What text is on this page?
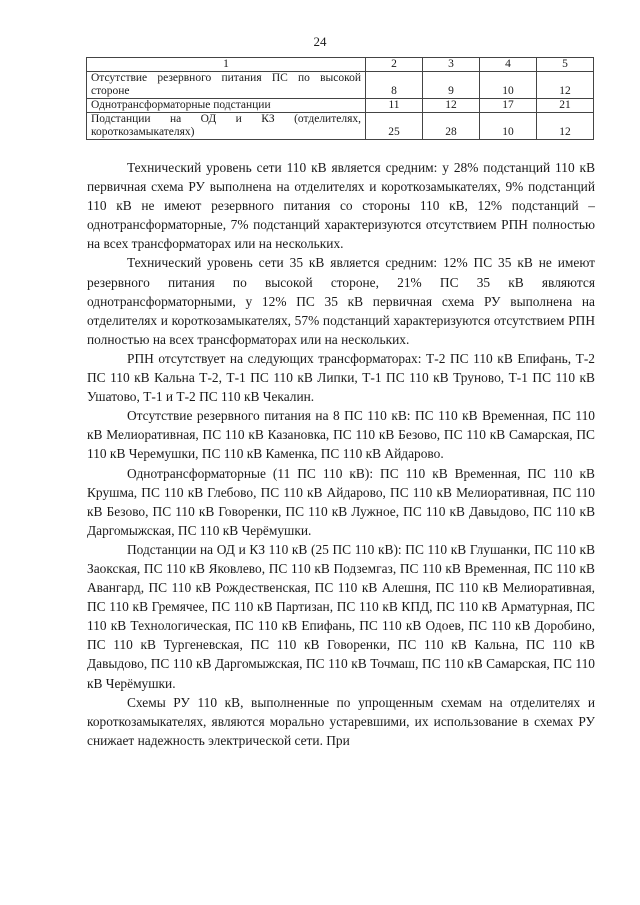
24
1	2	3	4	5
Отсутствие резервного питания ПС по высокой стороне	8	9	10	12
Однотрансформаторные подстанции	11	12	17	21
Подстанции на ОД и КЗ (отделителях, короткозамыкателях)	25	28	10	12

Технический уровень сети 110 кВ является средним: у 28% подстанций 110 кВ первичная схема РУ выполнена на отделителях и короткозамыкателях, 9% подстанций 110 кВ не имеют резервного питания со стороны 110 кВ, 12% подстанций – однотрансформаторные, 7% подстанций характеризуются отсутствием РПН полностью на всех трансформаторах или на нескольких.

Технический уровень сети 35 кВ является средним: 12% ПС 35 кВ не имеют резервного питания по высокой стороне, 21% ПС 35 кВ являются однотрансформаторными, у 12% ПС 35 кВ первичная схема РУ выполнена на отделителях и короткозамыкателях, 57% подстанций характеризуются отсутствием РПН полностью на всех трансформаторах или на нескольких.

РПН отсутствует на следующих трансформаторах: Т-2 ПС 110 кВ Епифань, Т-2 ПС 110 кВ Кальна Т-2, Т-1 ПС 110 кВ Липки, Т-1 ПС 110 кВ Труново, Т-1 ПС 110 кВ Ушатово, Т-1 и Т-2 ПС 110 кВ Чекалин.

Отсутствие резервного питания на 8 ПС 110 кВ: ПС 110 кВ Временная, ПС 110 кВ Мелиоративная, ПС 110 кВ Казановка, ПС 110 кВ Безово, ПС 110 кВ Самарская, ПС 110 кВ Черемушки, ПС 110 кВ Каменка, ПС 110 кВ Айдарово.

Однотрансформаторные (11 ПС 110 кВ): ПС 110 кВ Временная, ПС 110 кВ Крушма, ПС 110 кВ Глебово, ПС 110 кВ Айдарово, ПС 110 кВ Мелиоративная, ПС 110 кВ Безово, ПС 110 кВ Говоренки, ПС 110 кВ Лужное, ПС 110 кВ Давыдово, ПС 110 кВ Даргомыжская, ПС 110 кВ Черёмушки.

Подстанции на ОД и КЗ 110 кВ (25 ПС 110 кВ): ПС 110 кВ Глушанки, ПС 110 кВ Заокская, ПС 110 кВ Яковлево, ПС 110 кВ Подземгаз, ПС 110 кВ Временная, ПС 110 кВ Авангард, ПС 110 кВ Рождественская, ПС 110 кВ Алешня, ПС 110 кВ Мелиоративная, ПС 110 кВ Гремячее, ПС 110 кВ Партизан, ПС 110 кВ КПД, ПС 110 кВ Арматурная, ПС 110 кВ Технологическая, ПС 110 кВ Епифань, ПС 110 кВ Одоев, ПС 110 кВ Доробино, ПС 110 кВ Тургеневская, ПС 110 кВ Говоренки, ПС 110 кВ Кальна, ПС 110 кВ Давыдово, ПС 110 кВ Даргомыжская, ПС 110 кВ Точмаш, ПС 110 кВ Самарская, ПС 110 кВ Черёмушки.

Схемы РУ 110 кВ, выполненные по упрощенным схемам на отделителях и короткозамыкателях, являются морально устаревшими, их использование в схемах РУ снижает надежность электрической сети. При
